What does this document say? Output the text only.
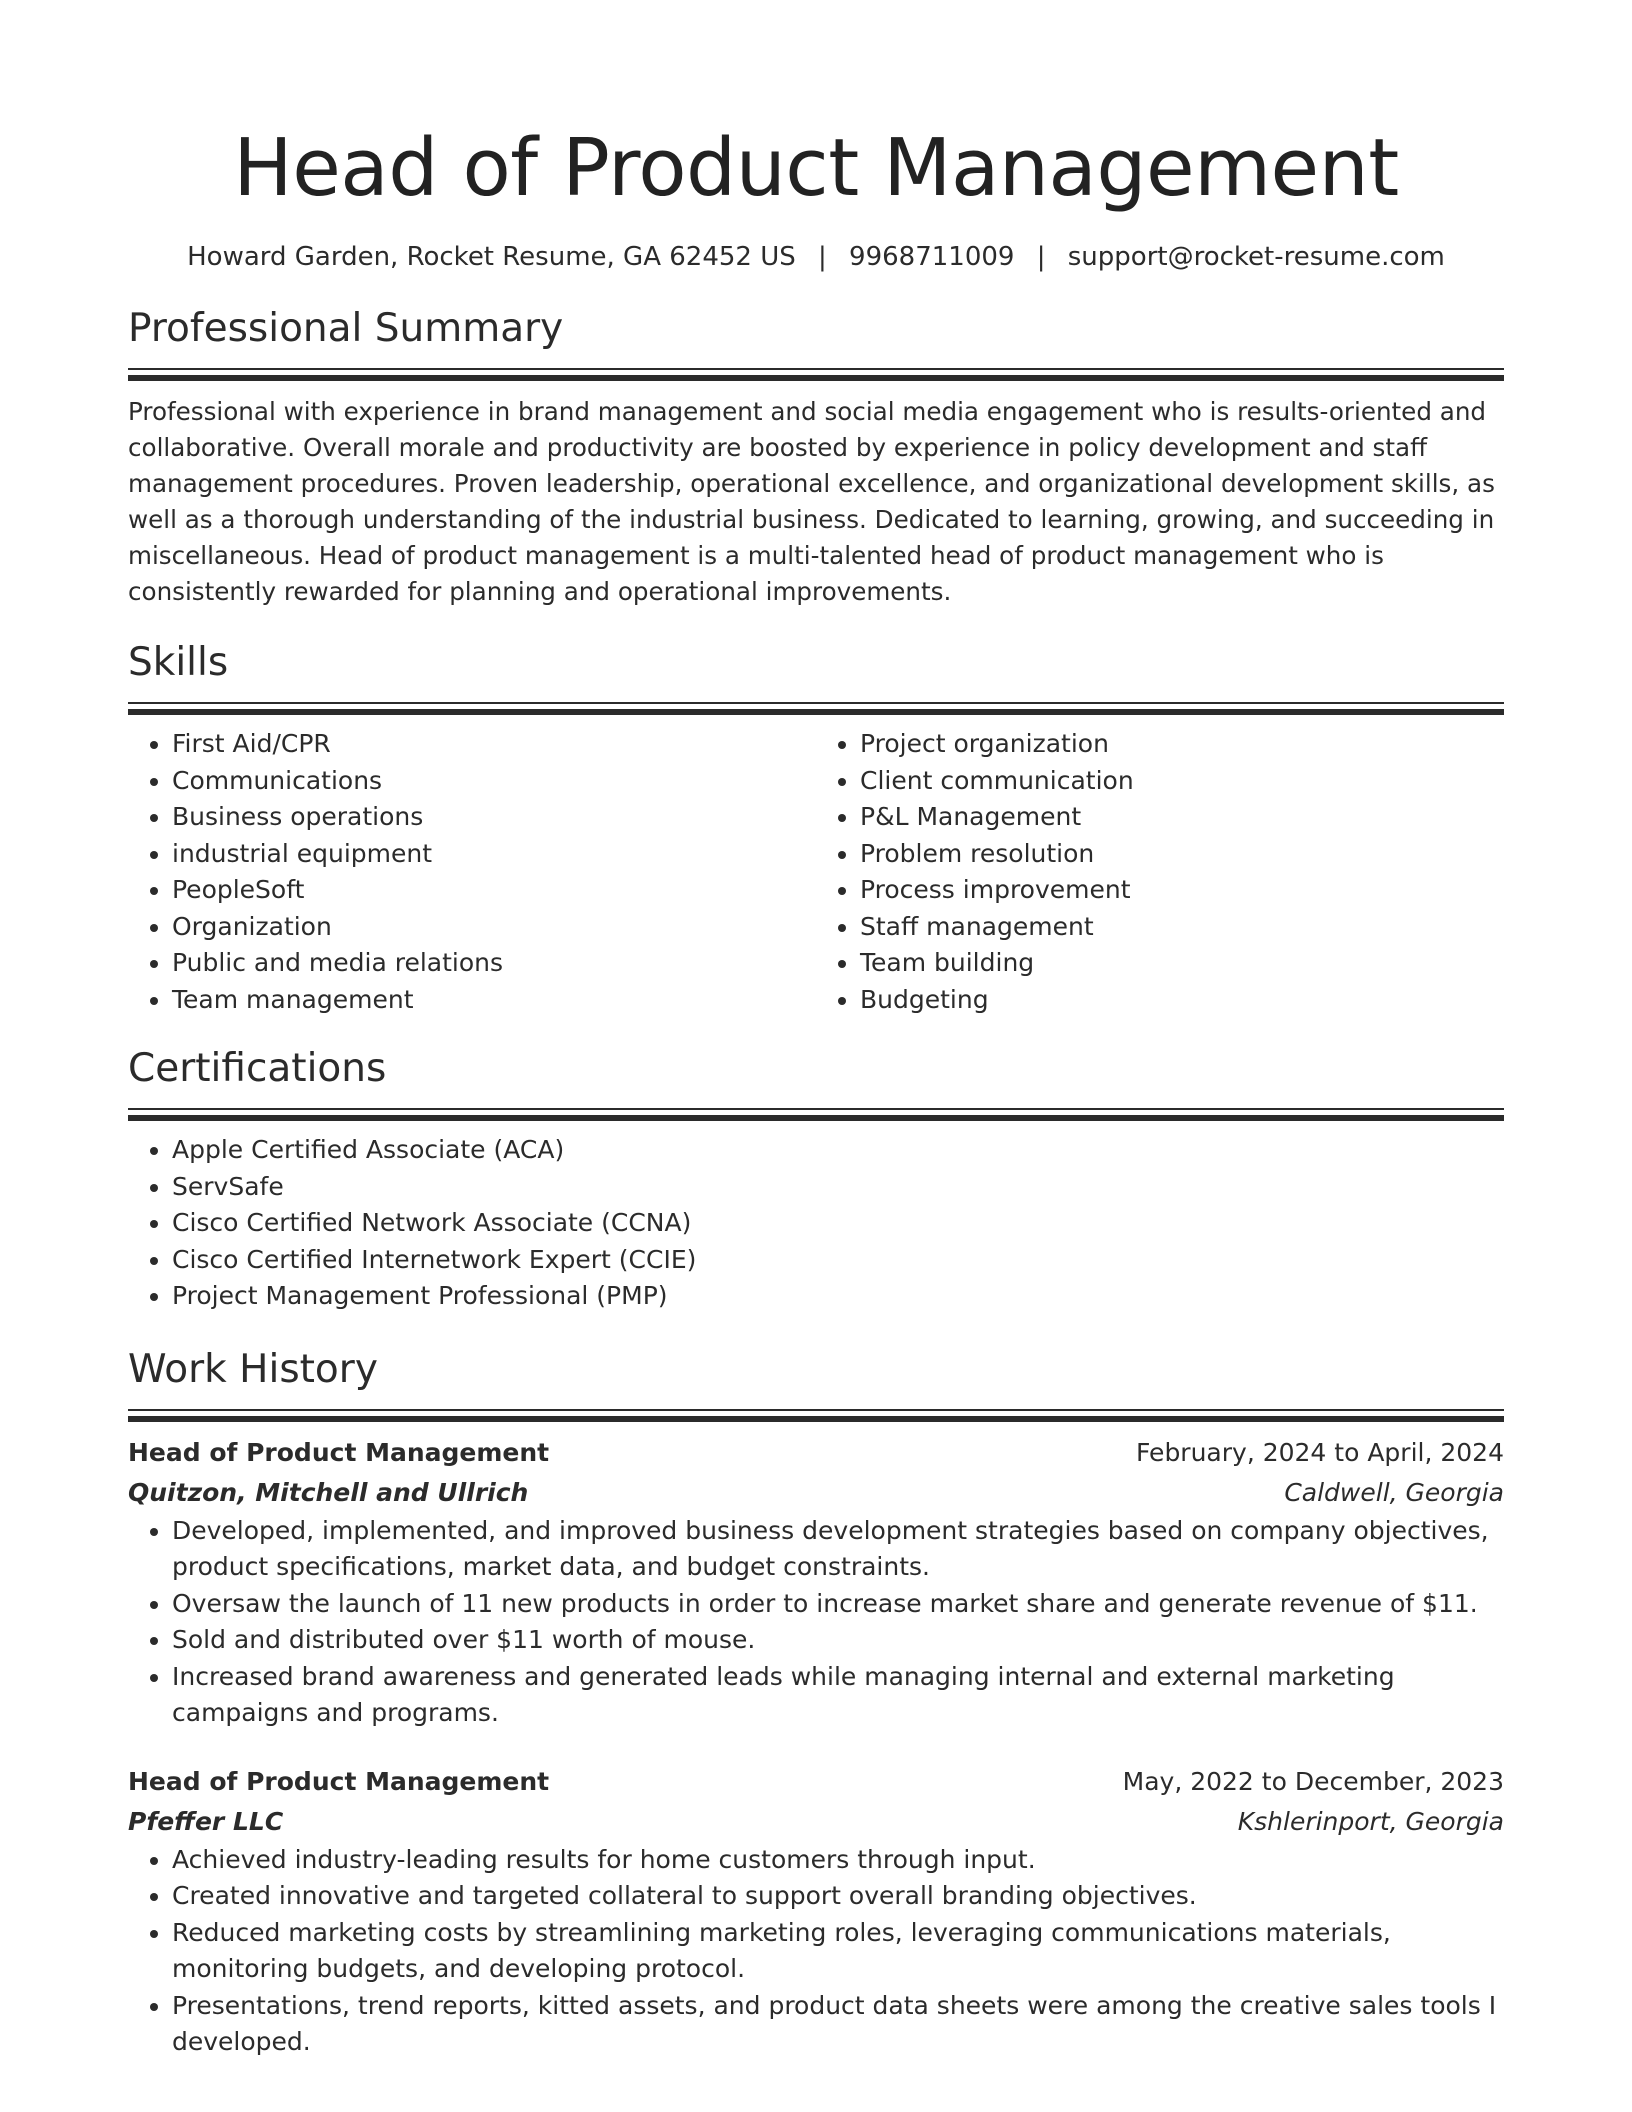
Head of Product Management
Howard Garden, Rocket Resume, GA 62452 US | 9968711009 | support@rocket-resume.com
Professional Summary

Professional with experience in brand management and social media engagement who is results-oriented and collaborative. Overall morale and productivity are boosted by experience in policy development and staff management procedures. Proven leadership, operational excellence, and organizational development skills, as well as a thorough understanding of the industrial business. Dedicated to learning, growing, and succeeding in miscellaneous. Head of product management is a multi-talented head of product management who is consistently rewarded for planning and operational improvements.

Skills
• First Aid/CPR
• Communications
• Business operations
• industrial equipment
• PeopleSoft
• Organization
• Public and media relations
• Team management
• Project organization
• Client communication
• P&L Management
• Problem resolution
• Process improvement
• Staff management
• Team building
• Budgeting
Certifications
• Apple Certified Associate (ACA)
• ServSafe
• Cisco Certified Network Associate (CCNA)
• Cisco Certified Internetwork Expert (CCIE)
• Project Management Professional (PMP)
Work History
Head of Product Management	February, 2024 to April, 2024
Quitzon, Mitchell and Ullrich	Caldwell, Georgia
• Developed, implemented, and improved business development strategies based on company objectives, product specifications, market data, and budget constraints.
• Oversaw the launch of 11 new products in order to increase market share and generate revenue of $11.
• Sold and distributed over $11 worth of mouse.
• Increased brand awareness and generated leads while managing internal and external marketing campaigns and programs.
Head of Product Management	May, 2022 to December, 2023
Pfeffer LLC	Kshlerinport, Georgia
• Achieved industry-leading results for home customers through input.
• Created innovative and targeted collateral to support overall branding objectives.
• Reduced marketing costs by streamlining marketing roles, leveraging communications materials, monitoring budgets, and developing protocol.
• Presentations, trend reports, kitted assets, and product data sheets were among the creative sales tools I developed.
